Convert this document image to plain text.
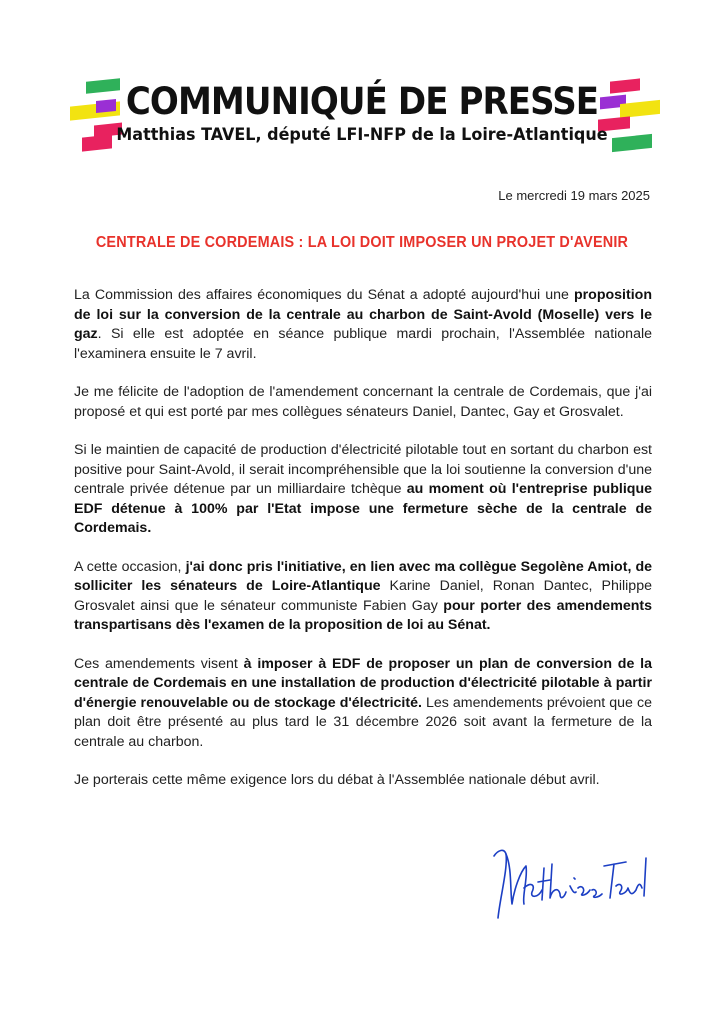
COMMUNIQUÉ DE PRESSE

Matthias TAVEL, député LFI-NFP de la Loire-Atlantique

Le mercredi 19 mars 2025
CENTRALE DE CORDEMAIS : LA LOI DOIT IMPOSER UN PROJET D'AVENIR

La Commission des affaires économiques du Sénat a adopté aujourd'hui une proposition de loi sur la conversion de la centrale au charbon de Saint-Avold (Moselle) vers le gaz. Si elle est adoptée en séance publique mardi prochain, l'Assemblée nationale l'examinera ensuite le 7 avril.

Je me félicite de l'adoption de l'amendement concernant la centrale de Cordemais, que j'ai proposé et qui est porté par mes collègues sénateurs Daniel, Dantec, Gay et Grosvalet.

Si le maintien de capacité de production d'électricité pilotable tout en sortant du charbon est positive pour Saint-Avold, il serait incompréhensible que la loi soutienne la conversion d'une centrale privée détenue par un milliardaire tchèque au moment où l'entreprise publique EDF détenue à 100% par l'Etat impose une fermeture sèche de la centrale de Cordemais.

A cette occasion, j'ai donc pris l'initiative, en lien avec ma collègue Segolène Amiot, de solliciter les sénateurs de Loire-Atlantique Karine Daniel, Ronan Dantec, Philippe Grosvalet ainsi que le sénateur communiste Fabien Gay pour porter des amendements transpartisans dès l'examen de la proposition de loi au Sénat.

Ces amendements visent à imposer à EDF de proposer un plan de conversion de la centrale de Cordemais en une installation de production d'électricité pilotable à partir d'énergie renouvelable ou de stockage d'électricité. Les amendements prévoient que ce plan doit être présenté au plus tard le 31 décembre 2026 soit avant la fermeture de la centrale au charbon.

Je porterais cette même exigence lors du débat à l'Assemblée nationale début avril.
